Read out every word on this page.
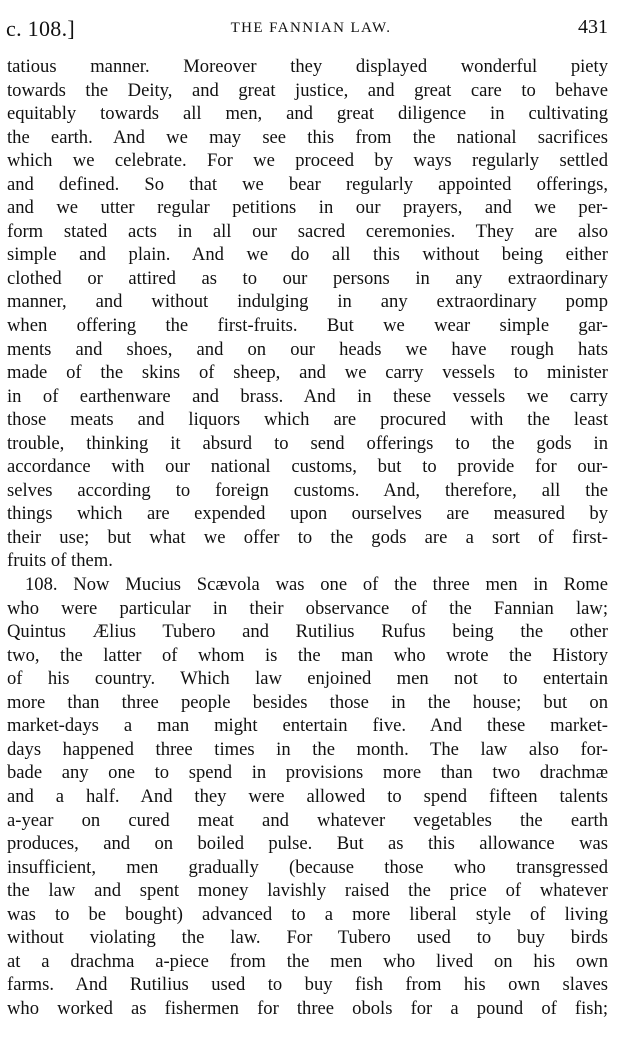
c. 108.]	THE FANNIAN LAW.	431
tatious manner. Moreover they displayed wonderful piety
towards the Deity, and great justice, and great care to behave
equitably towards all men, and great diligence in cultivating
the earth. And we may see this from the national sacrifices
which we celebrate. For we proceed by ways regularly settled
and defined. So that we bear regularly appointed offerings,
and we utter regular petitions in our prayers, and we per-
form stated acts in all our sacred ceremonies. They are also
simple and plain. And we do all this without being either
clothed or attired as to our persons in any extraordinary
manner, and without indulging in any extraordinary pomp
when offering the first-fruits. But we wear simple gar-
ments and shoes, and on our heads we have rough hats
made of the skins of sheep, and we carry vessels to minister
in of earthenware and brass. And in these vessels we carry
those meats and liquors which are procured with the least
trouble, thinking it absurd to send offerings to the gods in
accordance with our national customs, but to provide for our-
selves according to foreign customs. And, therefore, all the
things which are expended upon ourselves are measured by
their use; but what we offer to the gods are a sort of first-
fruits of them.
108. Now Mucius Scævola was one of the three men in Rome
who were particular in their observance of the Fannian law;
Quintus Ælius Tubero and Rutilius Rufus being the other
two, the latter of whom is the man who wrote the History
of his country. Which law enjoined men not to entertain
more than three people besides those in the house; but on
market-days a man might entertain five. And these market-
days happened three times in the month. The law also for-
bade any one to spend in provisions more than two drachmæ
and a half. And they were allowed to spend fifteen talents
a-year on cured meat and whatever vegetables the earth
produces, and on boiled pulse. But as this allowance was
insufficient, men gradually (because those who transgressed
the law and spent money lavishly raised the price of whatever
was to be bought) advanced to a more liberal style of living
without violating the law. For Tubero used to buy birds
at a drachma a-piece from the men who lived on his own
farms. And Rutilius used to buy fish from his own slaves
who worked as fishermen for three obols for a pound of fish;
